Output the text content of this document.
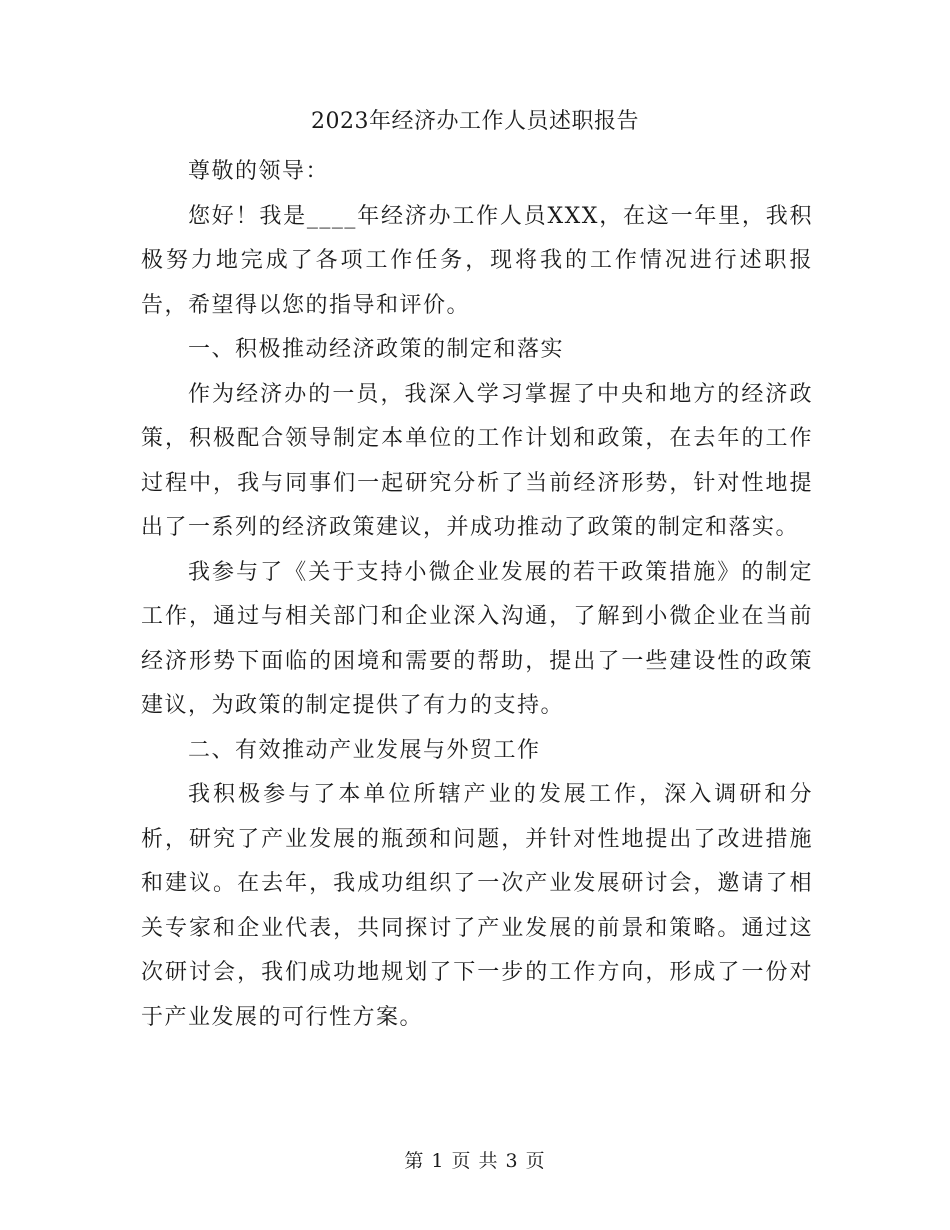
2023年经济办工作人员述职报告

尊敬的领导：

您好！我是____年经济办工作人员XXX，在这一年里，我积极努力地完成了各项工作任务，现将我的工作情况进行述职报告，希望得以您的指导和评价。

一、积极推动经济政策的制定和落实

作为经济办的一员，我深入学习掌握了中央和地方的经济政策，积极配合领导制定本单位的工作计划和政策，在去年的工作过程中，我与同事们一起研究分析了当前经济形势，针对性地提出了一系列的经济政策建议，并成功推动了政策的制定和落实。

我参与了《关于支持小微企业发展的若干政策措施》的制定工作，通过与相关部门和企业深入沟通，了解到小微企业在当前经济形势下面临的困境和需要的帮助，提出了一些建设性的政策建议，为政策的制定提供了有力的支持。

二、有效推动产业发展与外贸工作

我积极参与了本单位所辖产业的发展工作，深入调研和分析，研究了产业发展的瓶颈和问题，并针对性地提出了改进措施和建议。在去年，我成功组织了一次产业发展研讨会，邀请了相关专家和企业代表，共同探讨了产业发展的前景和策略。通过这次研讨会，我们成功地规划了下一步的工作方向，形成了一份对于产业发展的可行性方案。

第 1 页 共 3 页
